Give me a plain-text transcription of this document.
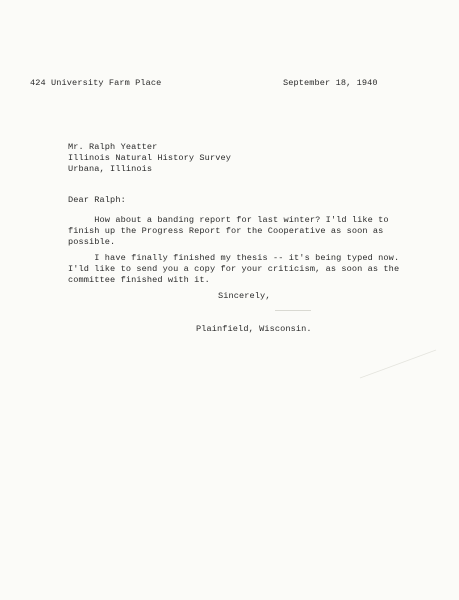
424 University Farm Place	September 18, 1940
Mr. Ralph Yeatter
Illinois Natural History Survey
Urbana, Illinois
Dear Ralph:
How about a banding report for last winter? I'ld like to
finish up the Progress Report for the Cooperative as soon as
possible.
I have finally finished my thesis -- it's being typed now.
I'ld like to send you a copy for your criticism, as soon as the
committee finished with it.
Sincerely,
Plainfield, Wisconsin.
